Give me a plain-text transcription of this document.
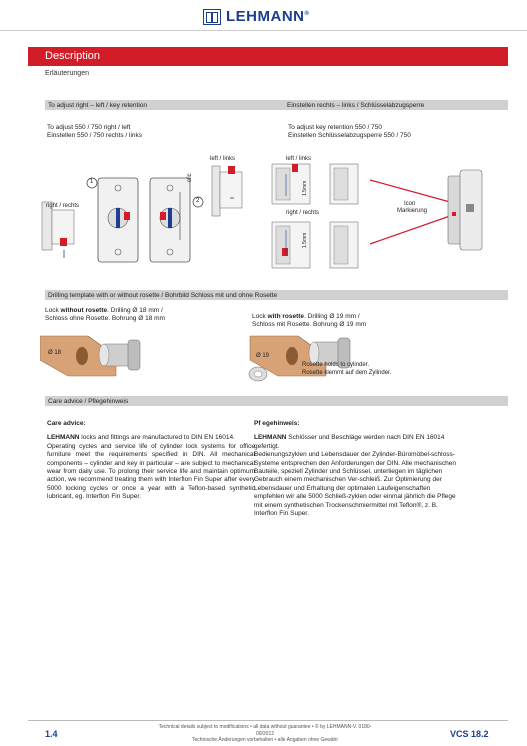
LEHMANN®
Description
Erläuterungen
To adjust right – left / key retention	Einstellen rechts – links / Schlüsselabzugsperre
To adjust 550 / 750 right / left
Einstellen 550 / 750 rechts / links
To adjust key retention 550 / 750
Einstellen Schlüsselabzugsperre 550 / 750
left / links
right / rechts
1
2
clic
left / links
right / rechts
1.5mm
1.5mm
Icon
Markierung
Drilling template with or without rosette / Bohrbild Schloss mit und ohne Rosette
Lock without rosette. Drilling Ø 18 mm /
Schloss ohne Rosette. Bohrung Ø 18 mm	Lock with rosette. Drilling Ø 19 mm /
Schloss mit Rosette. Bohrung Ø 19 mm
Ø 18	Ø 19
Rosette holds to cylinder.
Rosette klemmt auf dem Zylinder.
Care advice / Pflegehinweis
Care advice:
LEHMANN locks and fittings are manufactured to DIN EN 16014.
Operating cycles and service life of cylinder lock systems for office furniture meet the requirements specified in DIN. All mechanical components – cylinder and key in particular – are subject to mechanical wear from daily use. To prolong their service life and maintain optimum action, we recommend treating them with Interflon Fin Super after every 5000 locking cycles or once a year with a Teflon-based synthetic lubricant, eg. Interflon Fin Super.
Pf egehinweis:
LEHMANN Schlösser und Beschläge werden nach DIN EN 16014 gefertigt.
Bedienungszyklen und Lebensdauer der Zylinder-Büromöbel-schloss-Systeme entsprechen den Anforderungen der DIN. Alle mechanischen Bauteile, speziell Zylinder und Schlüssel, unterliegen im täglichen Gebrauch einem mechanischen Ver-schleiß. Zur Optimierung der Lebensdauer und Erhaltung der optimalen Laufeigenschaften empfehlen wir alle 5000 Schließ-zyklen oder einmal jährlich die Pflege mit einem synthetischen Trockenschmiermittel mit Teflon®, z. B. Interflon Fin Super.
1.4
Technical details subject to modifications • all data without guarantee • © by LEHMANN-V. 0180-09/2012
Technische Änderungen vorbehalten • alle Angaben ohne Gewähr
VCS 18.2
